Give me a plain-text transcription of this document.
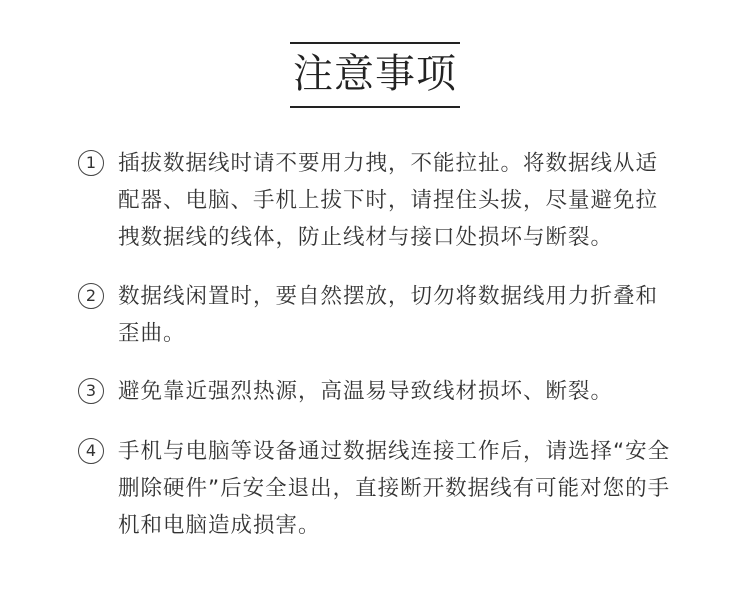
注意事项
1	插拔数据线时请不要用力拽，不能拉扯。将数据线从适配器、电脑、手机上拔下时，请捏住头拔，尽量避免拉拽数据线的线体，防止线材与接口处损坏与断裂。
2	数据线闲置时，要自然摆放，切勿将数据线用力折叠和歪曲。
3	避免靠近强烈热源，高温易导致线材损坏、断裂。
4	手机与电脑等设备通过数据线连接工作后，请选择“安全删除硬件”后安全退出，直接断开数据线有可能对您的手机和电脑造成损害。
